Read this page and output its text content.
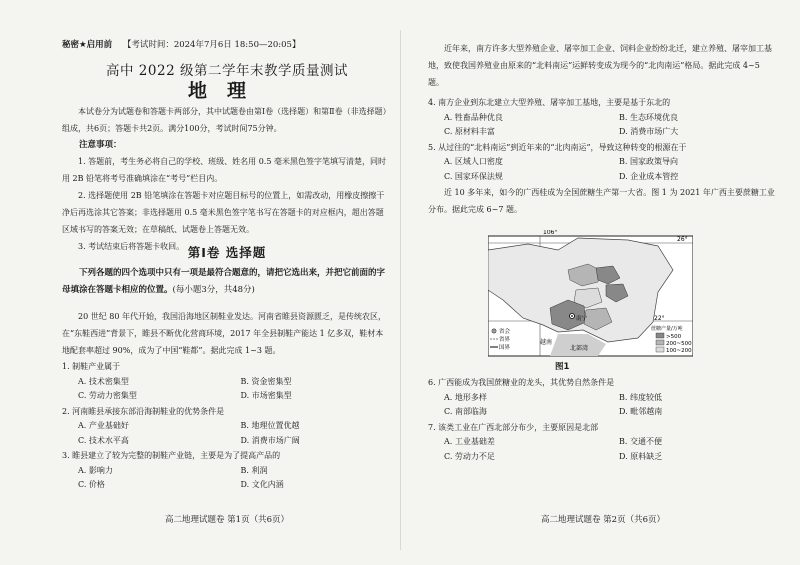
秘密★启用前 【考试时间：2024年7月6日 18:50—20:05】
高中 2022 级第二学年末教学质量测试
地理

本试卷分为试题卷和答题卡两部分，其中试题卷由第Ⅰ卷（选择题）和第Ⅱ卷（非选择题）组成，共6页；答题卡共2页。满分100分，考试时间75分钟。

注意事项：

1. 答题前，考生务必将自己的学校、班级、姓名用 0.5 毫米黑色签字笔填写清楚，同时用 2B 铅笔将考号准确填涂在“考号”栏目内。

2. 选择题使用 2B 铅笔填涂在答题卡对应题目标号的位置上，如需改动，用橡皮擦擦干净后再选涂其它答案；非选择题用 0.5 毫米黑色签字笔书写在答题卡的对应框内，超出答题区域书写的答案无效；在草稿纸、试题卷上答题无效。

3. 考试结束后将答题卡收回。 第Ⅰ卷 选择题

下列各题的四个选项中只有一项是最符合题意的，请把它选出来，并把它前面的字母填涂在答题卡相应的位置。(每小题3分，共48分)

20 世纪 80 年代开始，我国沿海地区制鞋业发达。河南省睢县资源匮乏，是传统农区，在“东鞋西进”背景下，睢县不断优化营商环境，2017 年全县制鞋产能达 1 亿多双，鞋材本地配套率超过 90%，成为了中国“鞋都”。据此完成 1~3 题。

1. 制鞋产业属于

A. 技术密集型	B. 资金密集型
C. 劳动力密集型	D. 市场密集型

2. 河南睢县承接东部沿海制鞋业的优势条件是

A. 产业基础好	B. 地理位置优越
C. 技术水平高	D. 消费市场广阔

3. 睢县建立了较为完整的制鞋产业链，主要是为了提高产品的

A. 影响力	B. 利润
C. 价格	D. 文化内涵
高二地理试题卷 第1页（共6页）

近年来，南方许多大型养殖企业、屠宰加工企业、饲料企业纷纷北迁，建立养殖、屠宰加工基地，致使我国养殖业由原来的“北料南运”运鲜转变成为现今的“北肉南运”格局。据此完成 4~5 题。

4. 南方企业到东北建立大型养殖、屠宰加工基地，主要是基于东北的

A. 牲畜品种优良	B. 生态环境优良
C. 原材料丰富	D. 消费市场广大

5. 从过往的“北料南运”到近年来的“北肉南运”，导致这种转变的根源在于

A. 区域人口密度	B. 国家政策导向
C. 国家环保法规	D. 企业成本管控

近 10 多年来，如今的广西桂成为全国蔗糖生产第一大省。图 1 为 2021 年广西主要蔗糖工业分布。据此完成 6~7 题。

106°
26°
22°
南宁
越南
北部湾
省会
省界
国界
蔗糖产量/万吨
>500
200~500
100~200
图1

6. 广西能成为我国蔗糖业的龙头，其优势自然条件是

A. 地形多样	B. 纬度较低
C. 南部临海	D. 毗邻越南

7. 该类工业在广西北部分布少，主要原因是北部

A. 工业基础差	B. 交通不便
C. 劳动力不足	D. 原料缺乏
高二地理试题卷 第2页（共6页）
